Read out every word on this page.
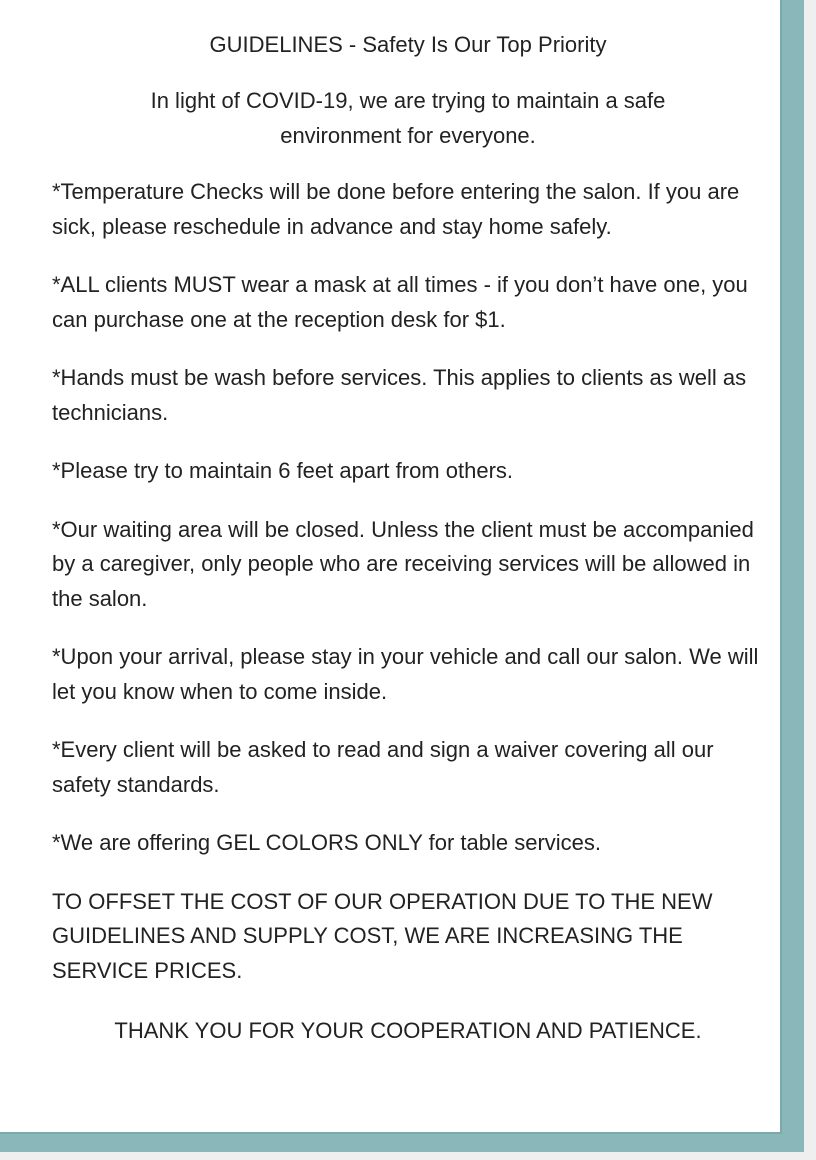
GUIDELINES - Safety Is Our Top Priority
In light of COVID-19, we are trying to maintain a safe environment for everyone.
*Temperature Checks will be done before entering the salon. If you are sick, please reschedule in advance and stay home safely.
*ALL clients MUST wear a mask at all times - if you don’t have one, you can purchase one at the reception desk for $1.
*Hands must be wash before services. This applies to clients as well as technicians.
*Please try to maintain 6 feet apart from others.
*Our waiting area will be closed. Unless the client must be accompanied by a caregiver, only people who are receiving services will be allowed in the salon.
*Upon your arrival, please stay in your vehicle and call our salon. We will let you know when to come inside.
*Every client will be asked to read and sign a waiver covering all our safety standards.
*We are offering GEL COLORS ONLY for table services.
TO OFFSET THE COST OF OUR OPERATION DUE TO THE NEW GUIDELINES AND SUPPLY COST, WE ARE INCREASING THE SERVICE PRICES.
THANK YOU FOR YOUR COOPERATION AND PATIENCE.
